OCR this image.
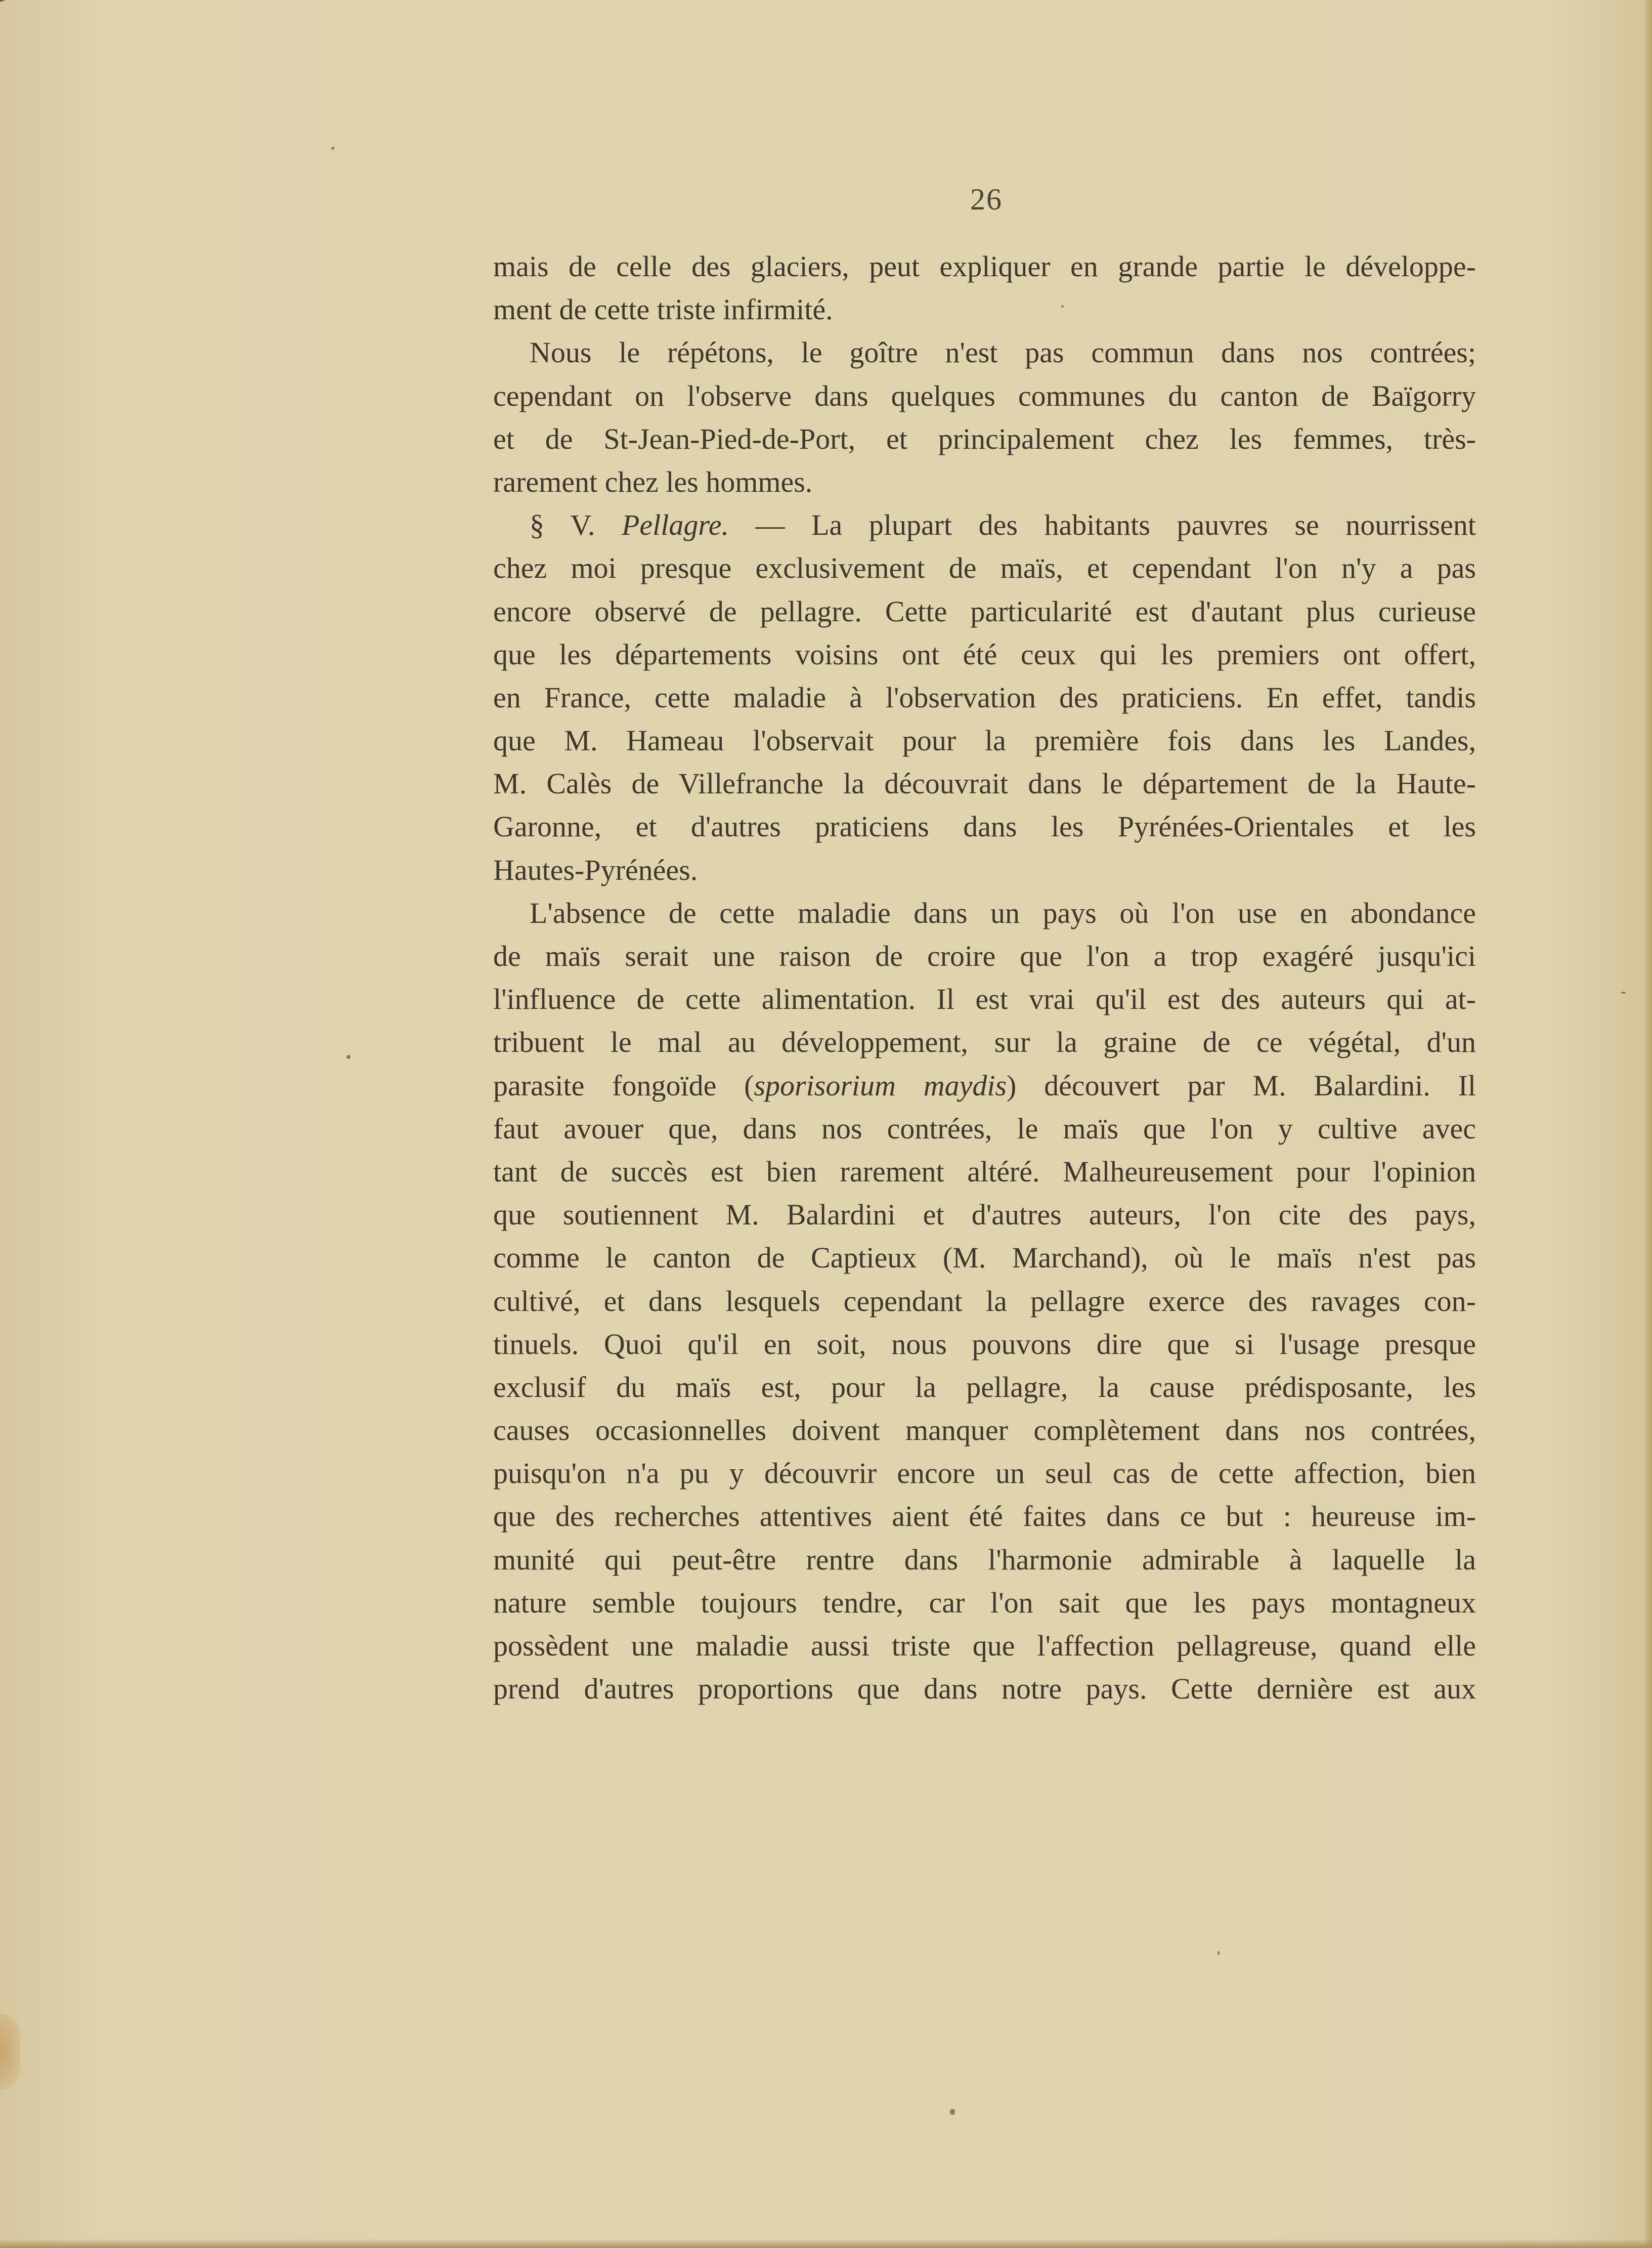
26
mais de celle des glaciers, peut expliquer en grande partie le développe-
ment de cette triste infirmité.
Nous le répétons, le goître n'est pas commun dans nos contrées;
cependant on l'observe dans quelques communes du canton de Baïgorry
et de St-Jean-Pied-de-Port, et principalement chez les femmes, très-
rarement chez les hommes.
§ V. Pellagre. — La plupart des habitants pauvres se nourrissent
chez moi presque exclusivement de maïs, et cependant l'on n'y a pas
encore observé de pellagre. Cette particularité est d'autant plus curieuse
que les départements voisins ont été ceux qui les premiers ont offert,
en France, cette maladie à l'observation des praticiens. En effet, tandis
que M. Hameau l'observait pour la première fois dans les Landes,
M. Calès de Villefranche la découvrait dans le département de la Haute-
Garonne, et d'autres praticiens dans les Pyrénées-Orientales et les
Hautes-Pyrénées.
L'absence de cette maladie dans un pays où l'on use en abondance
de maïs serait une raison de croire que l'on a trop exagéré jusqu'ici
l'influence de cette alimentation. Il est vrai qu'il est des auteurs qui at-
tribuent le mal au développement, sur la graine de ce végétal, d'un
parasite fongoïde (sporisorium maydis) découvert par M. Balardini. Il
faut avouer que, dans nos contrées, le maïs que l'on y cultive avec
tant de succès est bien rarement altéré. Malheureusement pour l'opinion
que soutiennent M. Balardini et d'autres auteurs, l'on cite des pays,
comme le canton de Captieux (M. Marchand), où le maïs n'est pas
cultivé, et dans lesquels cependant la pellagre exerce des ravages con-
tinuels. Quoi qu'il en soit, nous pouvons dire que si l'usage presque
exclusif du maïs est, pour la pellagre, la cause prédisposante, les
causes occasionnelles doivent manquer complètement dans nos contrées,
puisqu'on n'a pu y découvrir encore un seul cas de cette affection, bien
que des recherches attentives aient été faites dans ce but : heureuse im-
munité qui peut-être rentre dans l'harmonie admirable à laquelle la
nature semble toujours tendre, car l'on sait que les pays montagneux
possèdent une maladie aussi triste que l'affection pellagreuse, quand elle
prend d'autres proportions que dans notre pays. Cette dernière est aux
